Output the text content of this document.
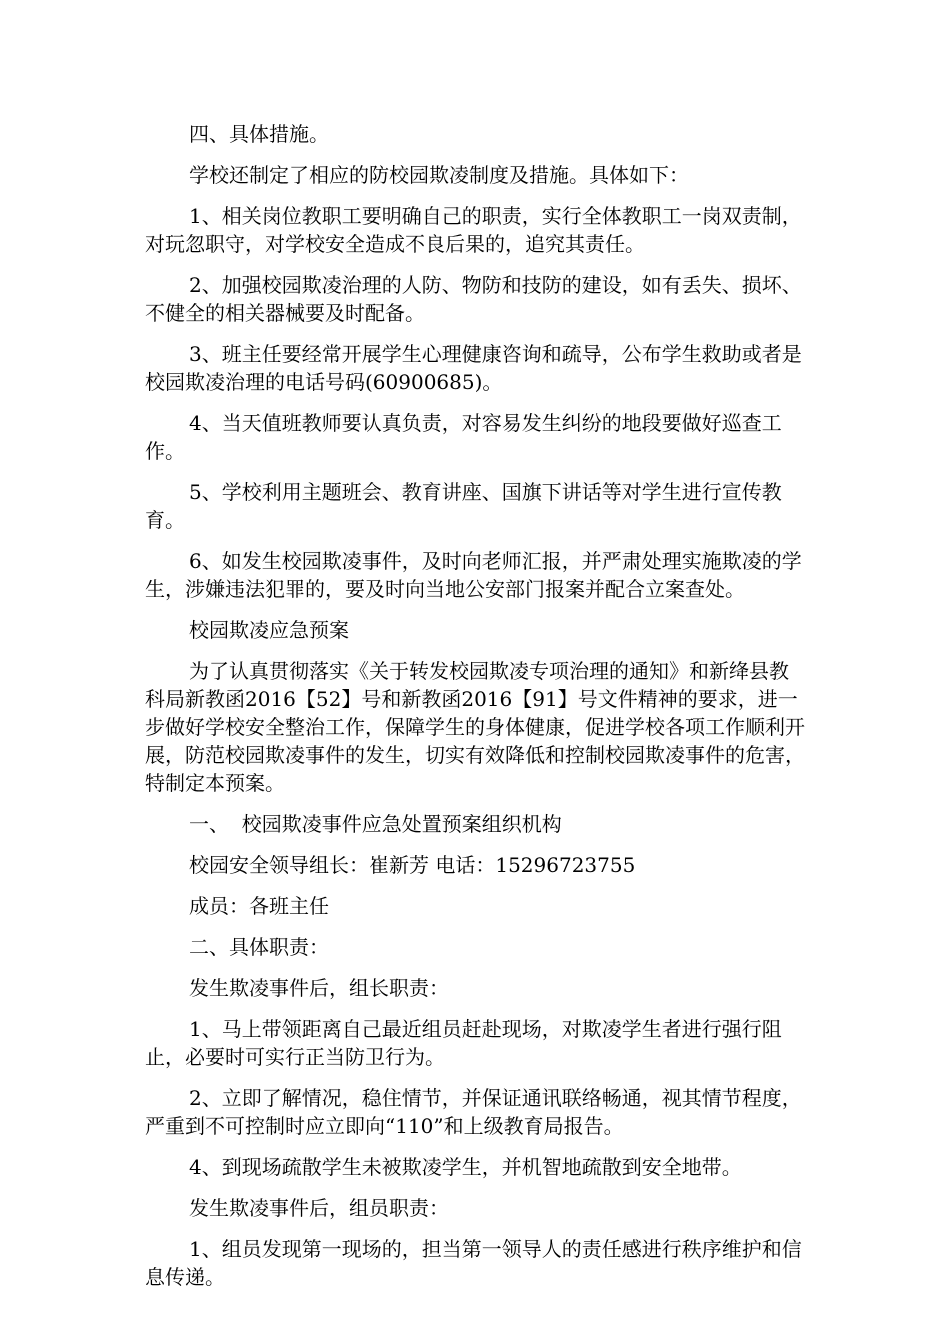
四、具体措施。

学校还制定了相应的防校园欺凌制度及措施。具体如下：

1、相关岗位教职工要明确自己的职责，实行全体教职工一岗双责制，对玩忽职守，对学校安全造成不良后果的，追究其责任。

2、加强校园欺凌治理的人防、物防和技防的建设，如有丢失、损坏、不健全的相关器械要及时配备。

3、班主任要经常开展学生心理健康咨询和疏导，公布学生救助或者是校园欺凌治理的电话号码(60900685)。

4、当天值班教师要认真负责，对容易发生纠纷的地段要做好巡查工作。

5、学校利用主题班会、教育讲座、国旗下讲话等对学生进行宣传教育。

6、如发生校园欺凌事件，及时向老师汇报，并严肃处理实施欺凌的学生，涉嫌违法犯罪的，要及时向当地公安部门报案并配合立案查处。

校园欺凌应急预案

为了认真贯彻落实《关于转发校园欺凌专项治理的通知》和新绛县教科局新教函2016【52】号和新教函2016【91】号文件精神的要求，进一步做好学校安全整治工作，保障学生的身体健康，促进学校各项工作顺利开展，防范校园欺凌事件的发生，切实有效降低和控制校园欺凌事件的危害，特制定本预案。

一、  校园欺凌事件应急处置预案组织机构

校园安全领导组长：崔新芳 电话：15296723755

成员：各班主任

二、具体职责：

发生欺凌事件后，组长职责：

1、马上带领距离自己最近组员赶赴现场，对欺凌学生者进行强行阻止，必要时可实行正当防卫行为。

2、立即了解情况，稳住情节，并保证通讯联络畅通，视其情节程度，严重到不可控制时应立即向“110”和上级教育局报告。

4、到现场疏散学生未被欺凌学生，并机智地疏散到安全地带。

发生欺凌事件后，组员职责：

1、组员发现第一现场的，担当第一领导人的责任感进行秩序维护和信息传递。
